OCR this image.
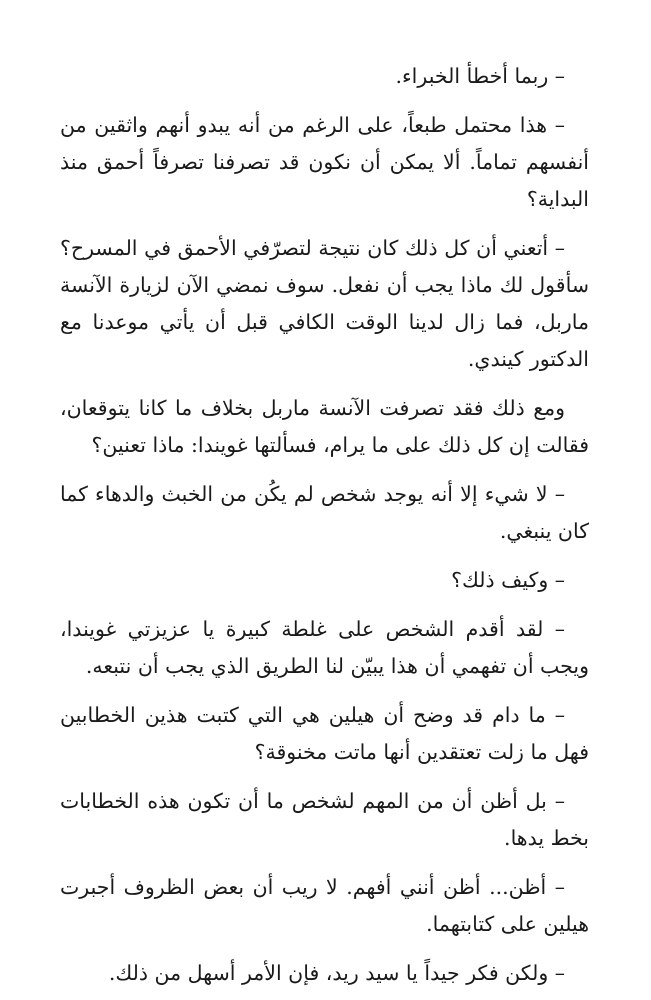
– ربما أخطأ الخبراء.

– هذا محتمل طبعاً، على الرغم من أنه يبدو أنهم واثقين من أنفسهم تماماً. ألا يمكن أن نكون قد تصرفنا تصرفاً أحمق منذ البداية؟

– أتعني أن كل ذلك كان نتيجة لتصرّفي الأحمق في المسرح؟ سأقول لك ماذا يجب أن نفعل. سوف نمضي الآن لزيارة الآنسة ماربل، فما زال لدينا الوقت الكافي قبل أن يأتي موعدنا مع الدكتور كيندي.

ومع ذلك فقد تصرفت الآنسة ماربل بخلاف ما كانا يتوقعان، فقالت إن كل ذلك على ما يرام، فسألتها غويندا: ماذا تعنين؟

– لا شيء إلا أنه يوجد شخص لم يكُن من الخبث والدهاء كما كان ينبغي.

– وكيف ذلك؟

– لقد أقدم الشخص على غلطة كبيرة يا عزيزتي غويندا، ويجب أن تفهمي أن هذا يبيّن لنا الطريق الذي يجب أن نتبعه.

– ما دام قد وضح أن هيلين هي التي كتبت هذين الخطابين فهل ما زلت تعتقدين أنها ماتت مخنوقة؟

– بل أظن أن من المهم لشخص ما أن تكون هذه الخطابات بخط يدها.

– أظن... أظن أنني أفهم. لا ريب أن بعض الظروف أجبرت هيلين على كتابتهما.

– ولكن فكر جيداً يا سيد ريد، فإن الأمر أسهل من ذلك.
